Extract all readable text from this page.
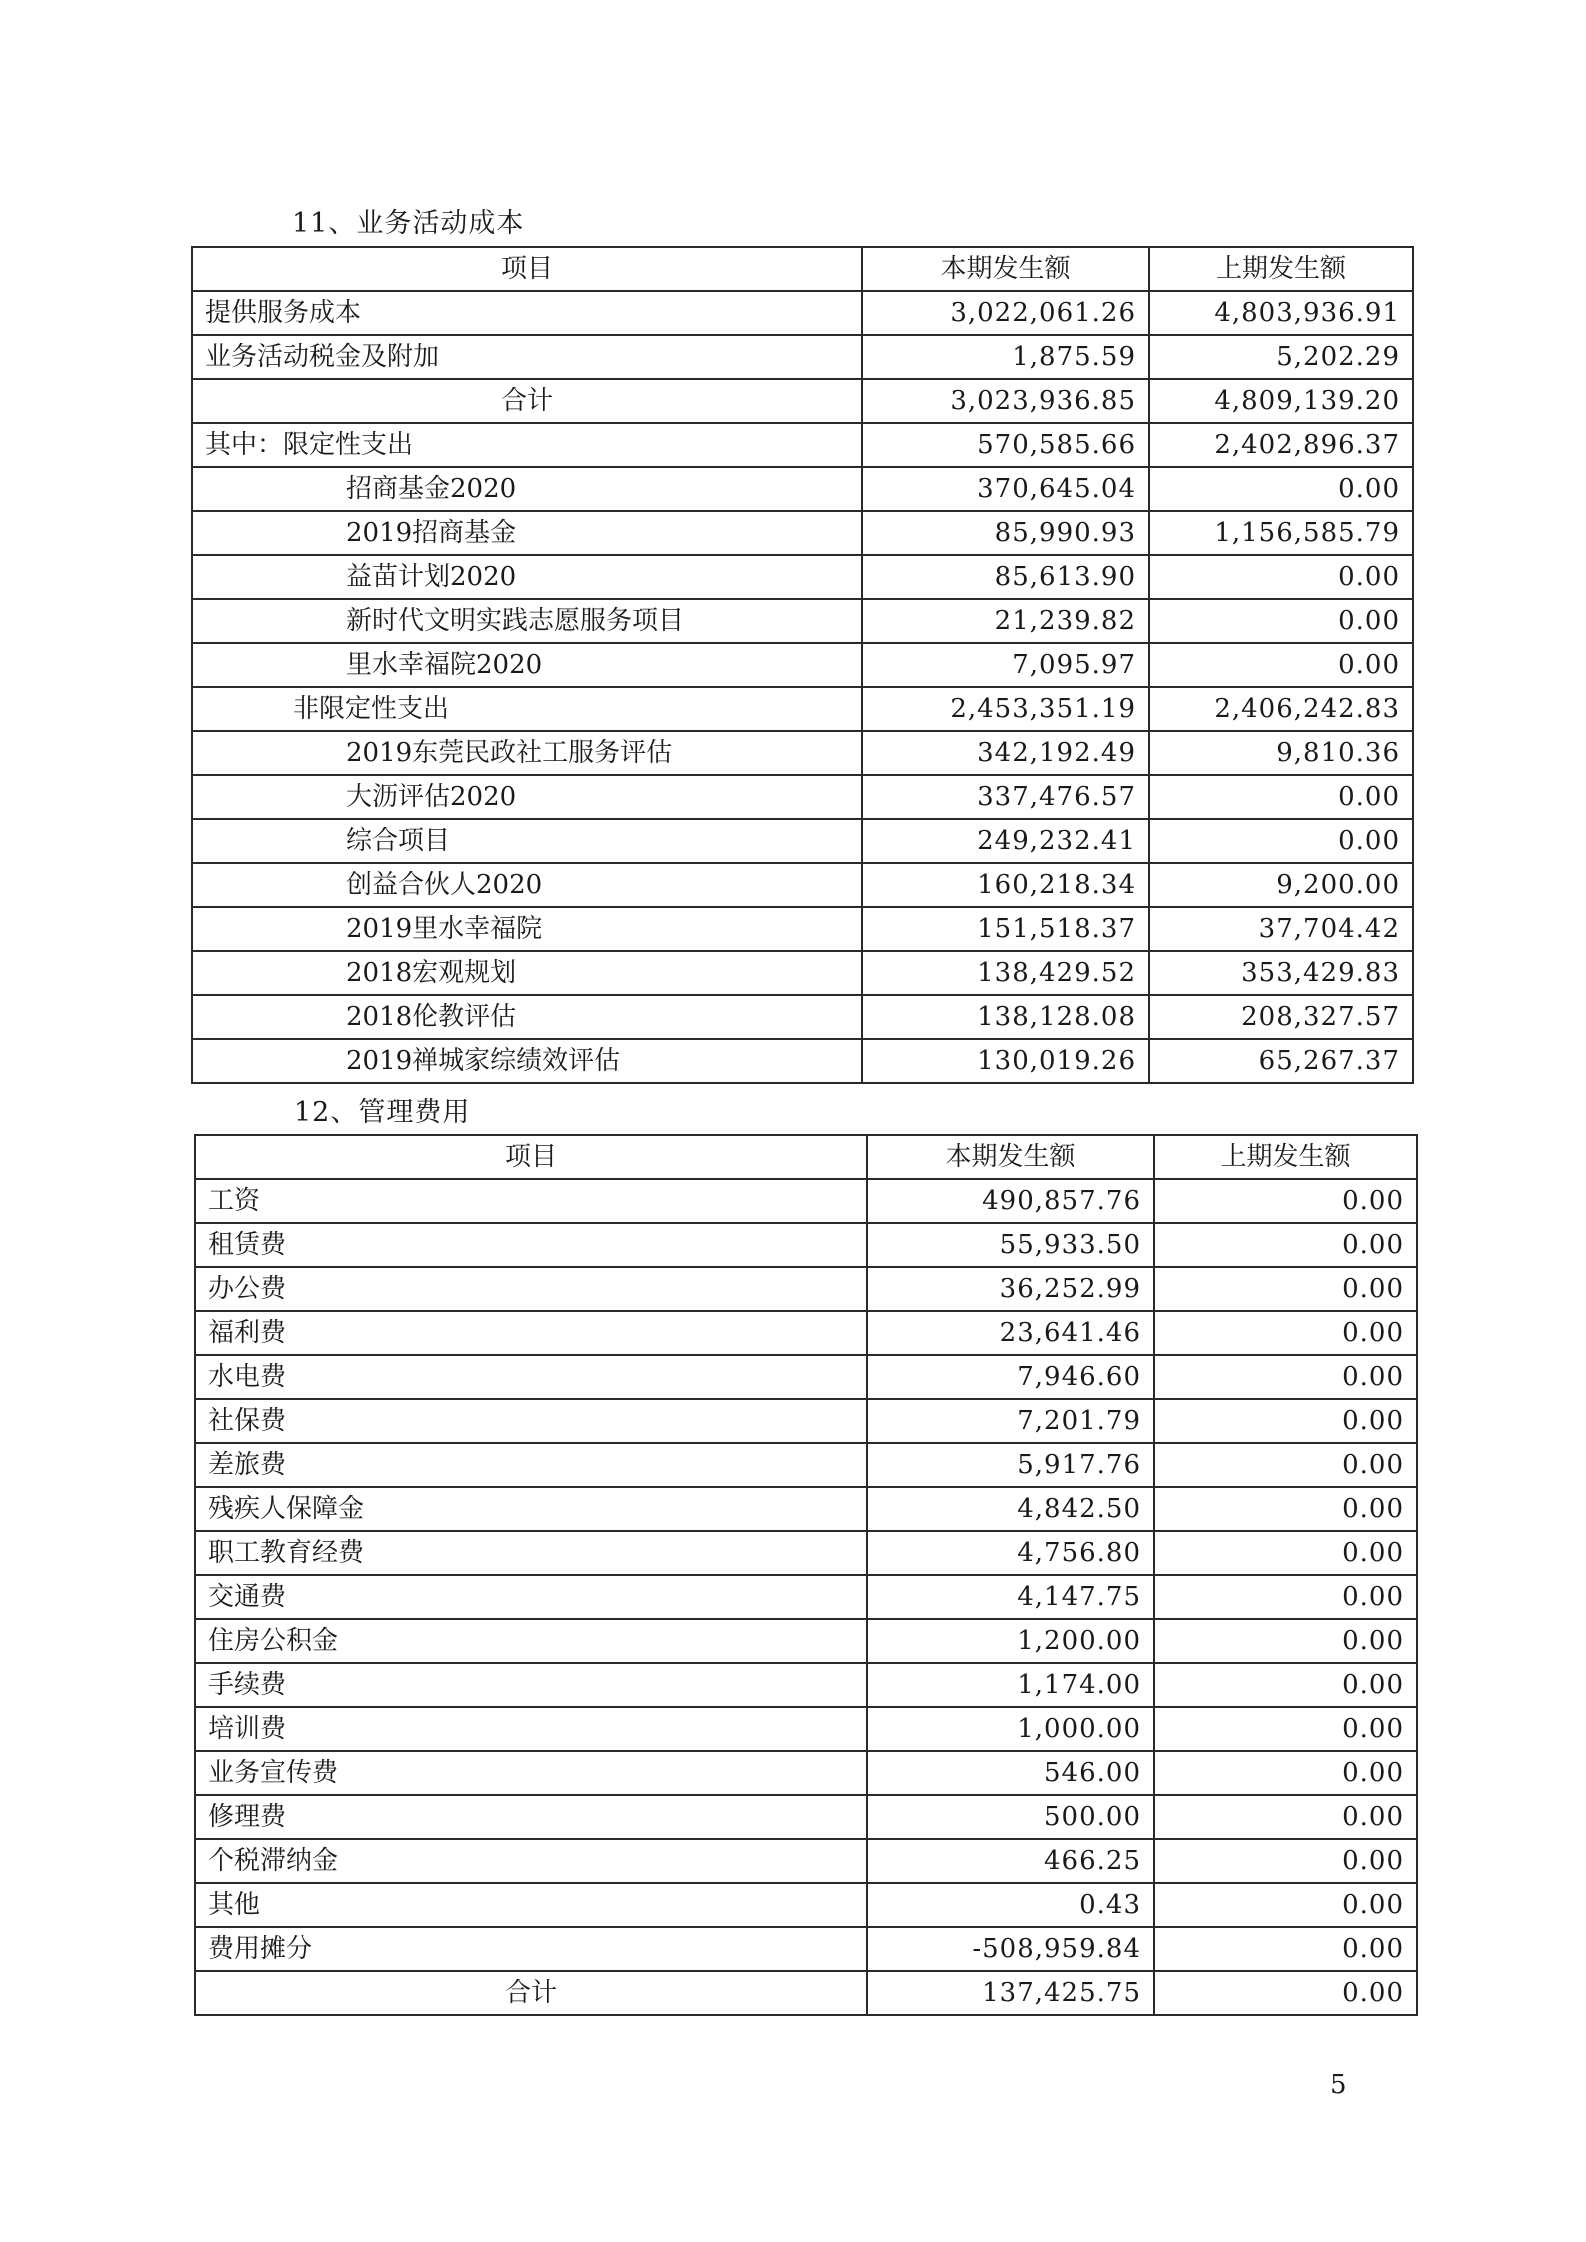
11、业务活动成本
项目	本期发生额	上期发生额
提供服务成本	3,022,061.26	4,803,936.91
业务活动税金及附加	1,875.59	5,202.29
合计	3,023,936.85	4,809,139.20
其中：限定性支出	570,585.66	2,402,896.37
招商基金2020	370,645.04	0.00
2019招商基金	85,990.93	1,156,585.79
益苗计划2020	85,613.90	0.00
新时代文明实践志愿服务项目	21,239.82	0.00
里水幸福院2020	7,095.97	0.00
非限定性支出	2,453,351.19	2,406,242.83
2019东莞民政社工服务评估	342,192.49	9,810.36
大沥评估2020	337,476.57	0.00
综合项目	249,232.41	0.00
创益合伙人2020	160,218.34	9,200.00
2019里水幸福院	151,518.37	37,704.42
2018宏观规划	138,429.52	353,429.83
2018伦教评估	138,128.08	208,327.57
2019禅城家综绩效评估	130,019.26	65,267.37
12、管理费用
项目	本期发生额	上期发生额
工资	490,857.76	0.00
租赁费	55,933.50	0.00
办公费	36,252.99	0.00
福利费	23,641.46	0.00
水电费	7,946.60	0.00
社保费	7,201.79	0.00
差旅费	5,917.76	0.00
残疾人保障金	4,842.50	0.00
职工教育经费	4,756.80	0.00
交通费	4,147.75	0.00
住房公积金	1,200.00	0.00
手续费	1,174.00	0.00
培训费	1,000.00	0.00
业务宣传费	546.00	0.00
修理费	500.00	0.00
个税滞纳金	466.25	0.00
其他	0.43	0.00
费用摊分	-508,959.84	0.00
合计	137,425.75	0.00
5
